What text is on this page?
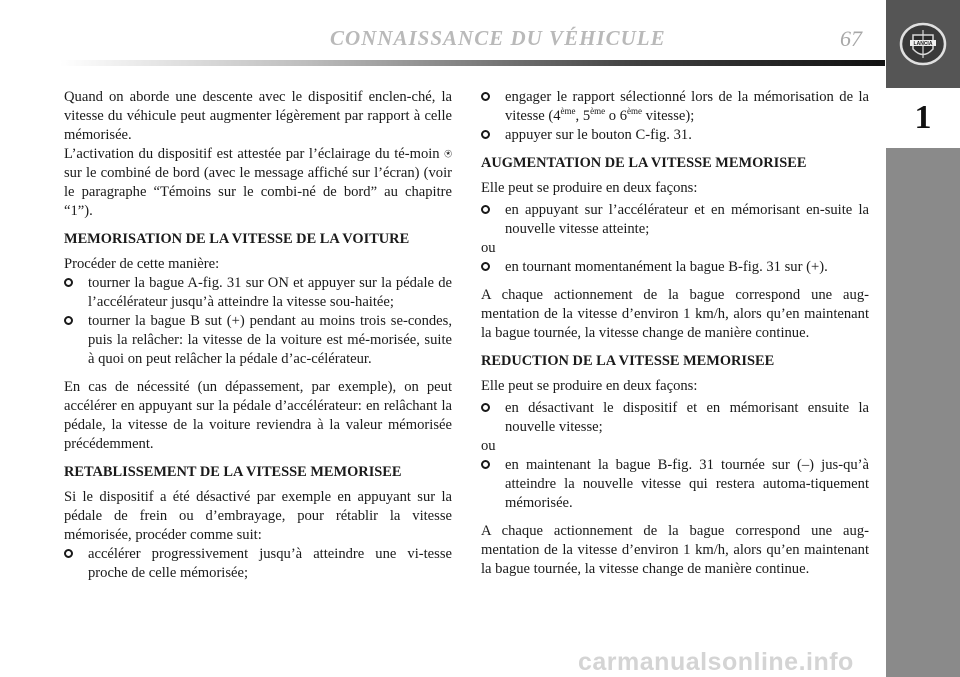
CONNAISSANCE DU VÉHICULE	67	LANCIA
1

Quand on aborde une descente avec le dispositif enclen-ché, la vitesse du véhicule peut augmenter légèrement par rapport à celle mémorisée.

L’activation du dispositif est attestée par l’éclairage du té-moin ⍟ sur le combiné de bord (avec le message affiché sur l’écran) (voir le paragraphe “Témoins sur le combi-né de bord” au chapitre “1”).

MEMORISATION DE LA VITESSE DE LA VOITURE

Procéder de cette manière:

tourner la bague A-fig. 31 sur ON et appuyer sur la pédale de l’accélérateur jusqu’à atteindre la vitesse sou-haitée;

tourner la bague B sut (+) pendant au moins trois se-condes, puis la relâcher: la vitesse de la voiture est mé-morisée, suite à quoi on peut relâcher la pédale d’ac-célérateur.

En cas de nécessité (un dépassement, par exemple), on peut accélérer en appuyant sur la pédale d’accélérateur: en relâchant la pédale, la vitesse de la voiture reviendra à la valeur mémorisée précédemment.

RETABLISSEMENT DE LA VITESSE MEMORISEE

Si le dispositif a été désactivé par exemple en appuyant sur la pédale de frein ou d’embrayage, pour rétablir la vitesse mémorisée, procéder comme suit:

accélérer progressivement jusqu’à atteindre une vi-tesse proche de celle mémorisée;

engager le rapport sélectionné lors de la mémorisation de la vitesse (4ème, 5ème o 6ème vitesse);

appuyer sur le bouton C-fig. 31.

AUGMENTATION DE LA VITESSE MEMORISEE

Elle peut se produire en deux façons:

en appuyant sur l’accélérateur et en mémorisant en-suite la nouvelle vitesse atteinte;

ou

en tournant momentanément la bague B-fig. 31 sur (+).

A chaque actionnement de la bague correspond une aug-mentation de la vitesse d’environ 1 km/h, alors qu’en maintenant la bague tournée, la vitesse change de manière continue.

REDUCTION DE LA VITESSE MEMORISEE

Elle peut se produire en deux façons:

en désactivant le dispositif et en mémorisant ensuite la nouvelle vitesse;

ou

en maintenant la bague B-fig. 31 tournée sur (–) jus-qu’à atteindre la nouvelle vitesse qui restera automa-tiquement mémorisée.

A chaque actionnement de la bague correspond une aug-mentation de la vitesse d’environ 1 km/h, alors qu’en maintenant la bague tournée, la vitesse change de manière continue.

carmanualsonline.info
